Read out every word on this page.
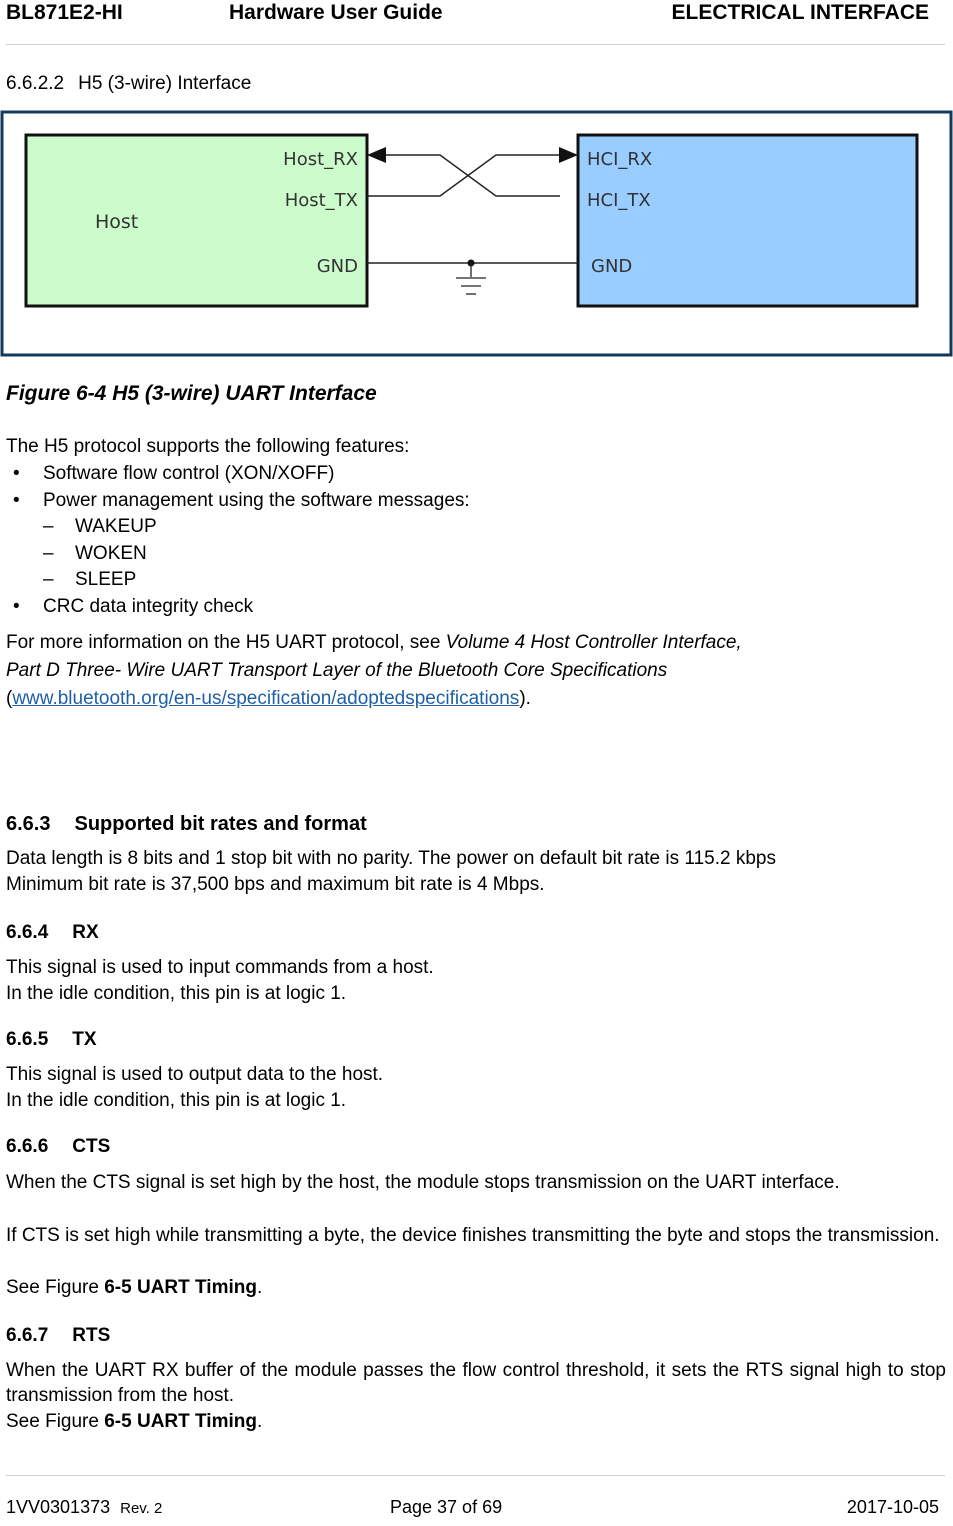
BL871E2-HI	Hardware User Guide	ELECTRICAL INTERFACE
6.6.2.2 H5 (3-wire) Interface
Host
Host_RX
Host_TX
GND
HCI_RX
HCI_TX
GND
Figure 6-4 H5 (3-wire) UART Interface
The H5 protocol supports the following features:
• Software flow control (XON/XOFF)
• Power management using the software messages:
– WAKEUP
– WOKEN
– SLEEP
• CRC data integrity check
For more information on the H5 UART protocol, see Volume 4 Host Controller Interface,
Part D Three- Wire UART Transport Layer of the Bluetooth Core Specifications
(www.bluetooth.org/en-us/specification/adoptedspecifications).
6.6.3 Supported bit rates and format
Data length is 8 bits and 1 stop bit with no parity. The power on default bit rate is 115.2 kbps
Minimum bit rate is 37,500 bps and maximum bit rate is 4 Mbps.
6.6.4 RX
This signal is used to input commands from a host.
In the idle condition, this pin is at logic 1.
6.6.5 TX
This signal is used to output data to the host.
In the idle condition, this pin is at logic 1.
6.6.6 CTS
When the CTS signal is set high by the host, the module stops transmission on the UART interface.
If CTS is set high while transmitting a byte, the device finishes transmitting the byte and stops the transmission.
See Figure 6-5 UART Timing.
6.6.7 RTS
When the UART RX buffer of the module passes the flow control threshold, it sets the RTS signal high to stop transmission from the host.
See Figure 6-5 UART Timing.
1VV0301373 Rev. 2	Page 37 of 69	2017-10-05
